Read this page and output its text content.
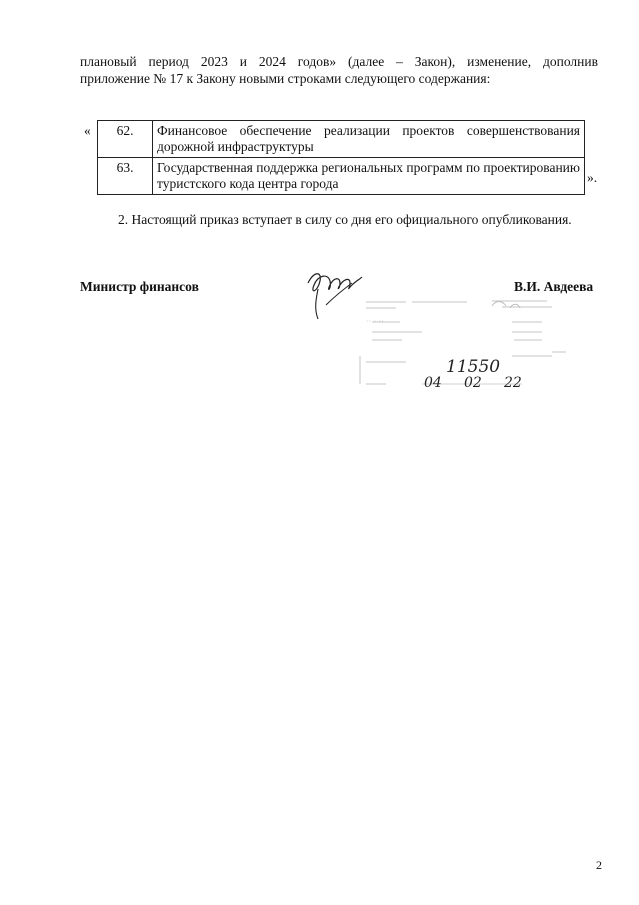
плановый период 2023 и 2024 годов» (далее – Закон), изменение, дополнив
приложение № 17 к Закону новыми строками следующего содержания:
« 62.	Финансовое обеспечение реализации проектов совершенствования дорожной инфраструктуры
63.	Государственная поддержка региональных программ по проектированию туристского кода центра города	».
2. Настоящий приказ вступает в силу со дня его официального опубликования.
Министр финансов	В.И. Авдеева
·· · ··
11550
04 02 22
2
